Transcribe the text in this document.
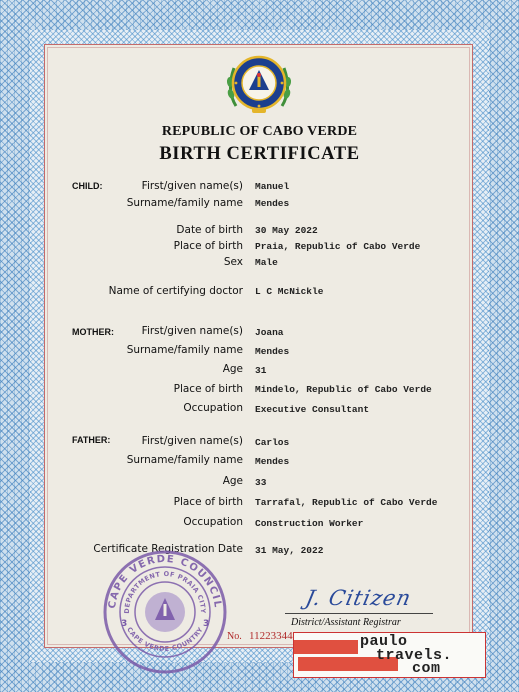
REPUBLIC OF CABO VERDE
BIRTH CERTIFICATE
CHILD:	First/given name(s) Manuel
Surname/family name Mendes
Date of birth 30 May 2022
Place of birth Praia, Republic of Cabo Verde
Sex Male
Name of certifying doctor L C McNickle
MOTHER:	First/given name(s) Joana
Surname/family name Mendes
Age 31
Place of birth Mindelo, Republic of Cabo Verde
Occupation Executive Consultant
FATHER:	First/given name(s) Carlos
Surname/family name Mendes
Age 33
Place of birth Tarrafal, Republic of Cabo Verde
Occupation Construction Worker
Certificate Registration Date 31 May, 2022
CAPE VERDE COUNCIL
DEPARTMENT OF PRAIA CITY
CAPE VERDE COUNTRY
3	3
J. Citizen
District/Assistant Registrar
No. 11223344	paulo
travels.
com
